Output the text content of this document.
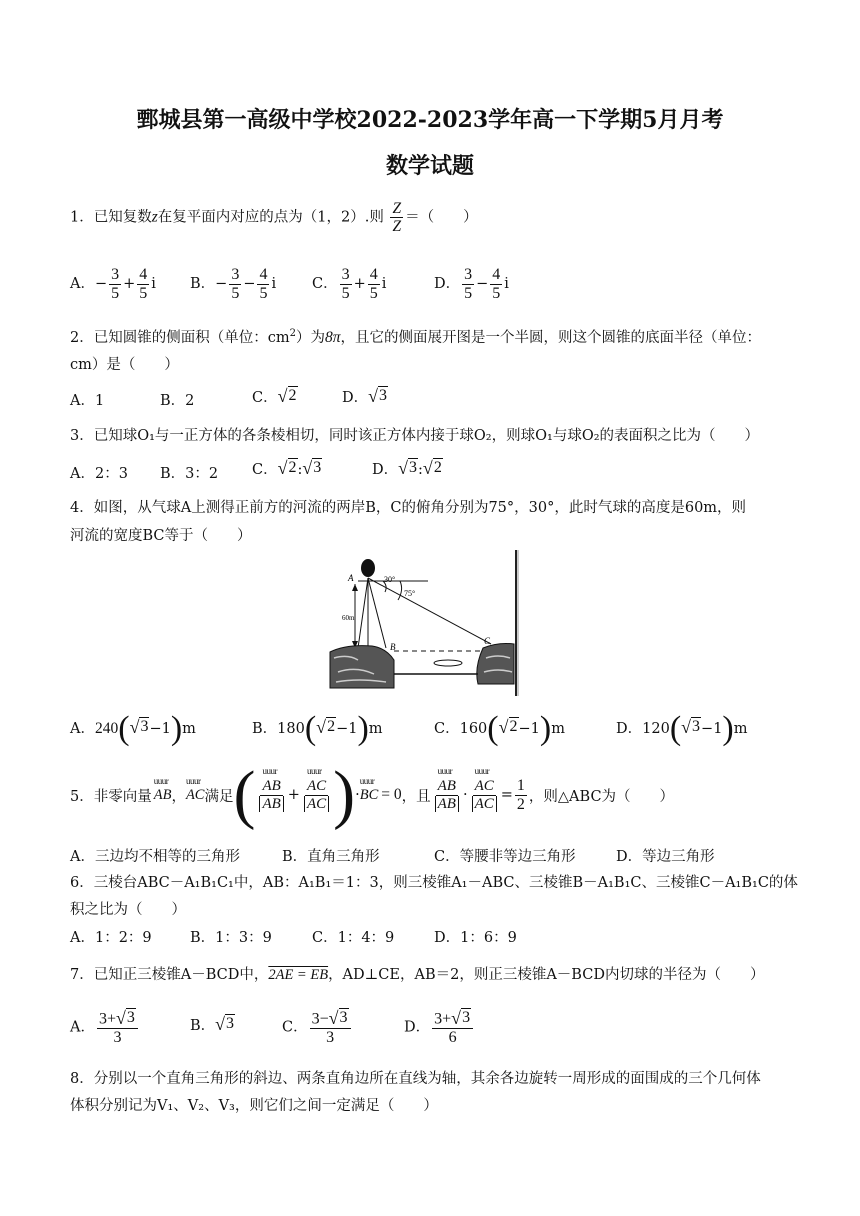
鄄城县第一高级中学校2022-2023学年高一下学期5月月考
数学试题
1．已知复数z在复平面内对应的点为（1，2）.则 $\frac{Z}{Z}$ ＝（　　）
A．− $\frac{3}{5} + \frac{4}{5}$ i B．− $\frac{3}{5} - \frac{4}{5}$ i C． $\frac{3}{5} + \frac{4}{5}$ i	D． $\frac{3}{5} - \frac{4}{5}$ i
2．已知圆锥的侧面积（单位：$cm^2$）为8π，且它的侧面展开图是一个半圆，则这个圆锥的底面半径（单位：
cm）是（　　）
A．1	B．2	C． √ 2	D． √ 3
3．已知球O₁与一正方体的各条棱相切，同时该正方体内接于球O₂，则球O₁与球O₂的表面积之比为（　　）
A．2：3 B．3：2 C． √ 2 : √ 3	D． √ 3 : √ 2
4．如图，从气球A上测得正前方的河流的两岸B，C的俯角分别为75°，30°，此时气球的高度是60m，则
河流的宽度BC等于（　　）
A	30°
75°
60m
B
C
A．240( √ 3 −1)m	B．180( √ 2 −1)m	C．160( √ 2 −1)m	D．120( √ 3 −1)m
5．非零向量
uuur
AB ，
uuur
AC 满足 ( uuur
AB
AB + uuur
AC
AC ) ·
uuur
BC = 0 ，且 uuur
AB
AB · uuur
AC
AC = $\frac{1}{2}$ ，则△ABC为（　　）
A．三边均不相等的三角形	B．直角三角形	C．等腰非等边三角形	D．等边三角形
6．三棱台ABC－A₁B₁C₁中，AB：A₁B₁＝1：3，则三棱锥A₁－ABC、三棱锥B－A₁B₁C、三棱锥C－A₁B₁C的体
积之比为（　　）
A．1：2：9	B．1：3：9	C．1：4：9	D．1：6：9
7．已知正三棱锥A－BCD中，2AE = EB，AD⊥CE，AB＝2，则正三棱锥A－BCD内切球的半径为（　　）
A． $\frac{3+ √ 3}{3}$	B． √ 3	C． $\frac{3- √ 3}{3}$	D． $\frac{3+ √ 3}{6}$
8．分别以一个直角三角形的斜边、两条直角边所在直线为轴，其余各边旋转一周形成的面围成的三个几何体
体积分别记为V₁、V₂、V₃，则它们之间一定满足（　　）
